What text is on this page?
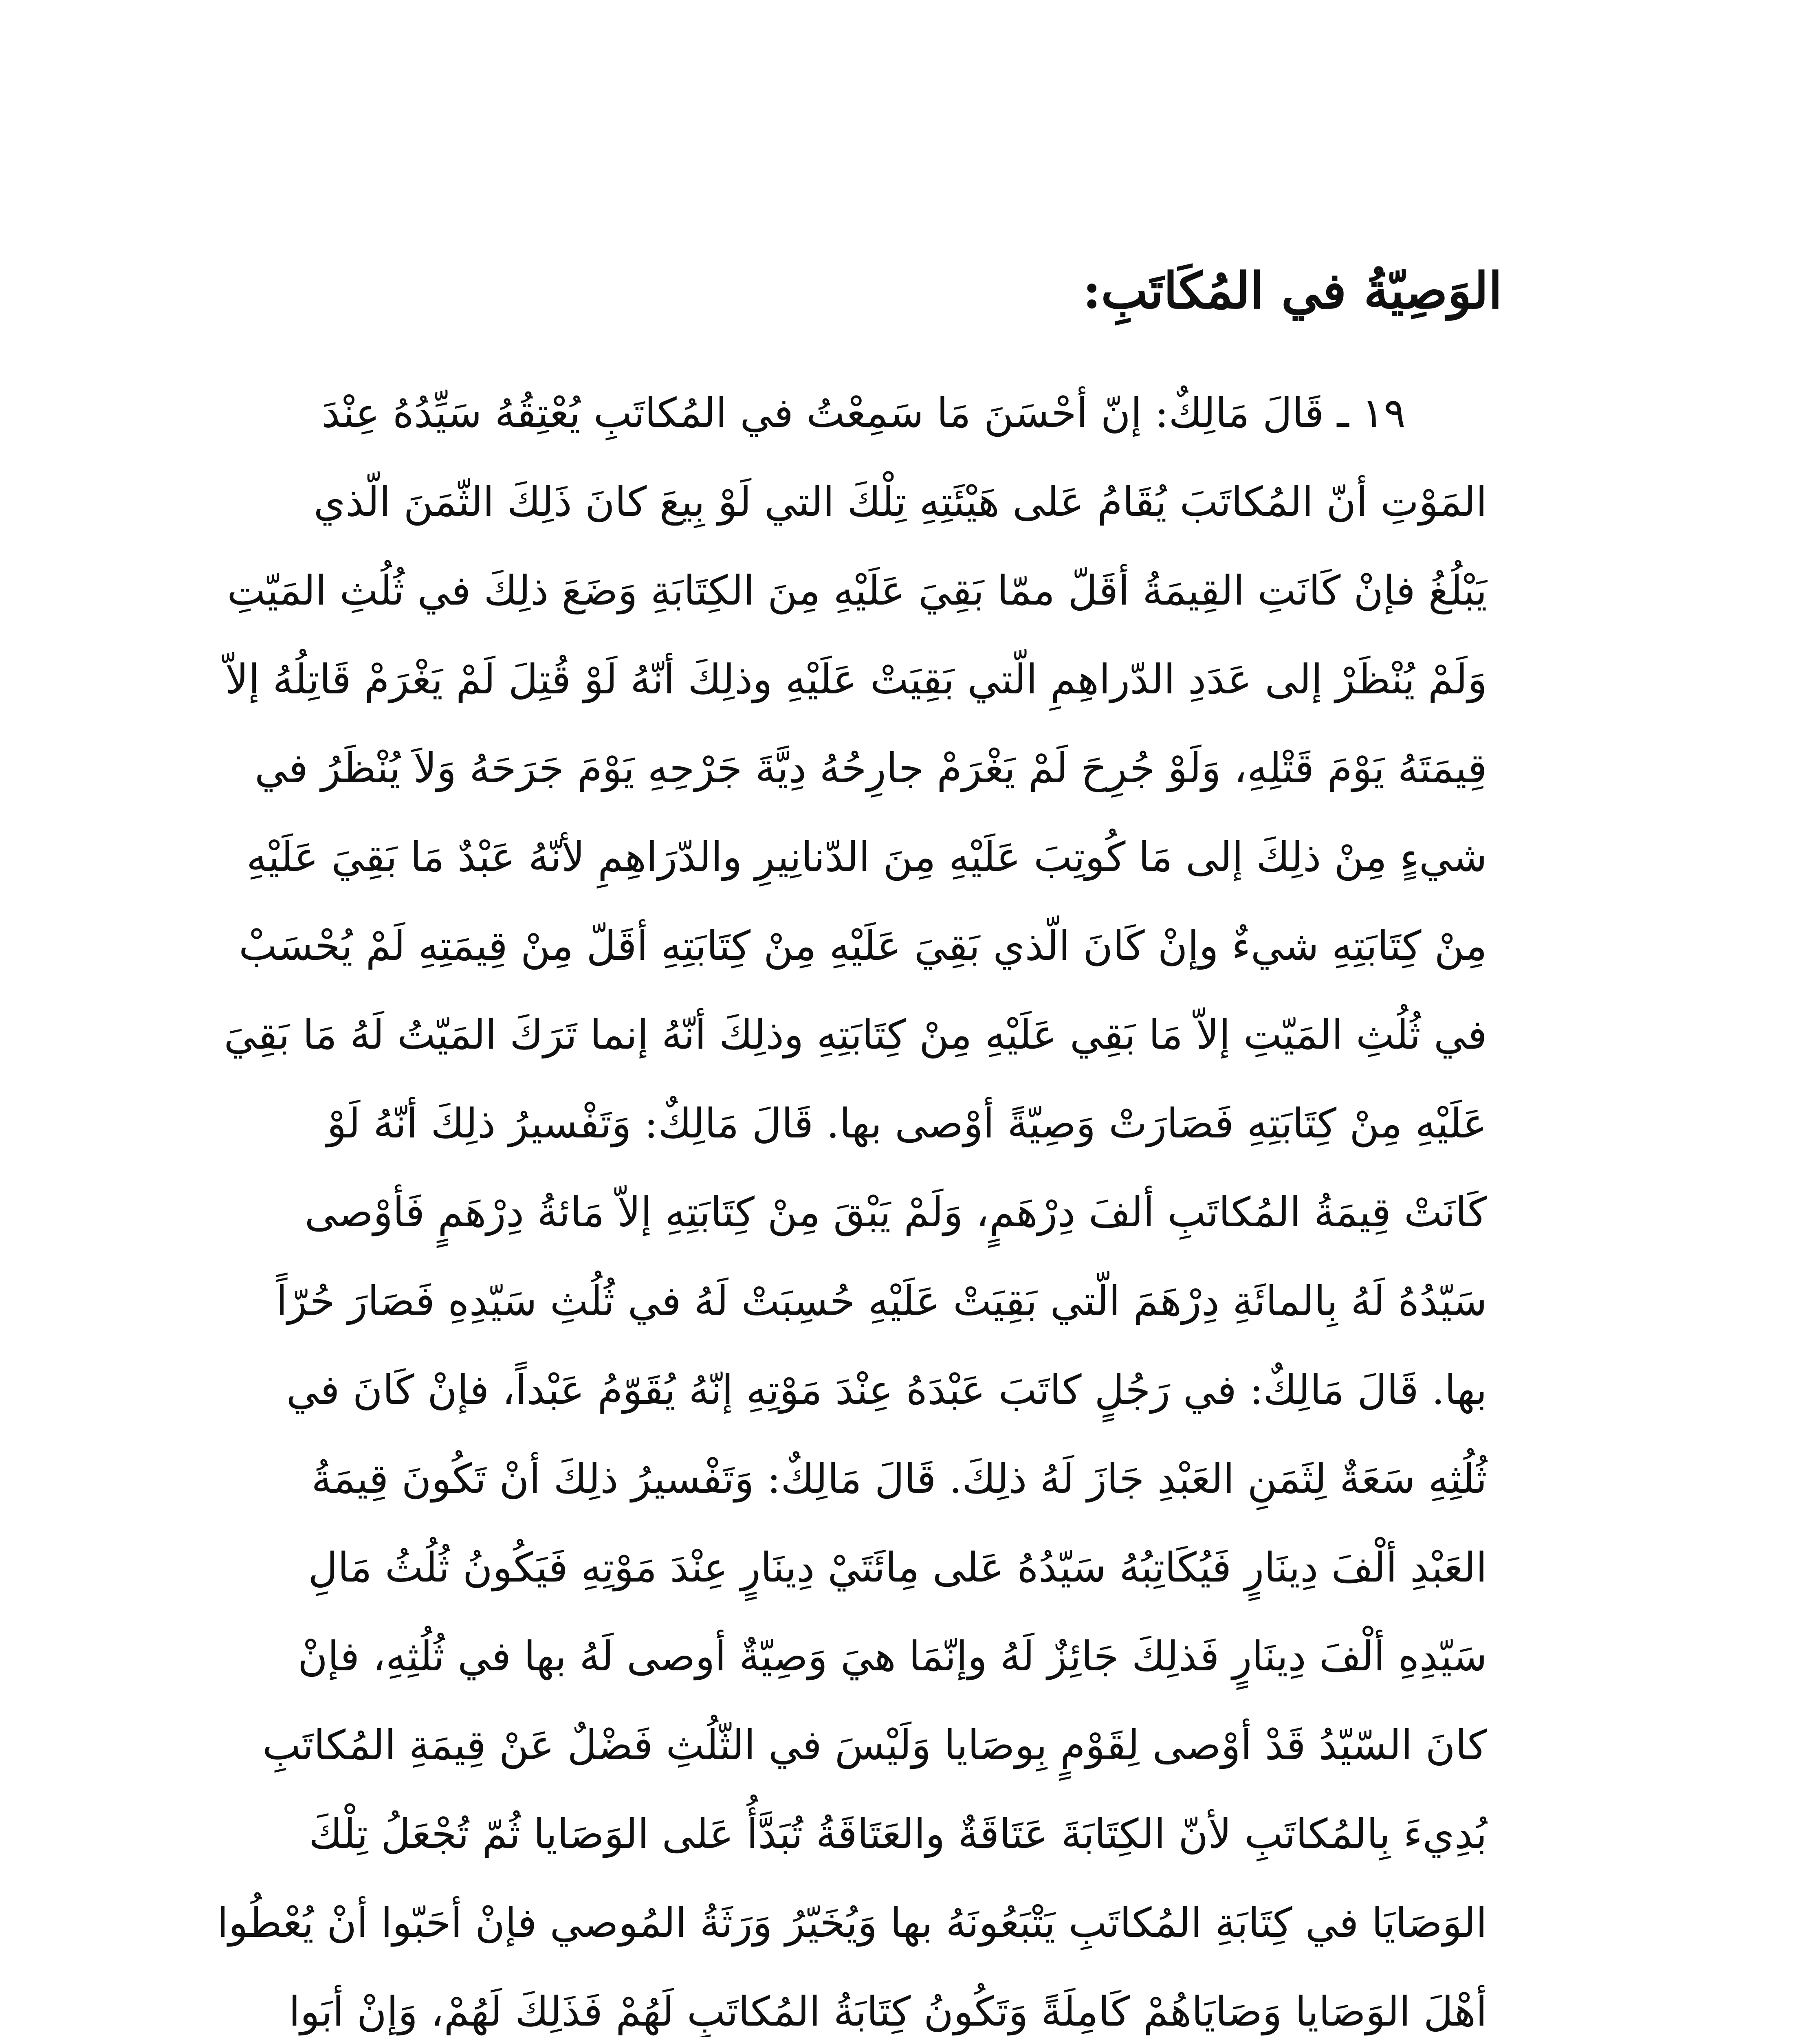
الوَصِيّةُ في المُكَاتَبِ:
١٩ ـ قَالَ مَالِكٌ: إنّ أحْسَنَ مَا سَمِعْتُ في المُكاتَبِ يُعْتِقُهُ سَيِّدُهُ عِنْدَ
المَوْتِ أنّ المُكاتَبَ يُقَامُ عَلى هَيْئَتِهِ تِلْكَ التي لَوْ بِيعَ كانَ ذَلِكَ الثّمَنَ الّذي
يَبْلُغُ فإنْ كَانَتِ القِيمَةُ أقَلّ ممّا بَقِيَ عَلَيْهِ مِنَ الكِتَابَةِ وَضَعَ ذلِكَ في ثُلُثِ المَيّتِ
وَلَمْ يُنْظَرْ إلى عَدَدِ الدّراهِمِ الّتي بَقِيَتْ عَلَيْهِ وذلِكَ أنّهُ لَوْ قُتِلَ لَمْ يَغْرَمْ قَاتِلُهُ إلاّ
قِيمَتَهُ يَوْمَ قَتْلِهِ، وَلَوْ جُرِحَ لَمْ يَغْرَمْ جارِحُهُ دِيَّةَ جَرْحِهِ يَوْمَ جَرَحَهُ وَلاَ يُنْظَرُ في
شيءٍ مِنْ ذلِكَ إلى مَا كُوتِبَ عَلَيْهِ مِنَ الدّنانِيرِ والدّرَاهِمِ لأنّهُ عَبْدٌ مَا بَقِيَ عَلَيْهِ
مِنْ كِتَابَتِهِ شيءٌ وإنْ كَانَ الّذي بَقِيَ عَلَيْهِ مِنْ كِتَابَتِهِ أقَلّ مِنْ قِيمَتِهِ لَمْ يُحْسَبْ
في ثُلُثِ المَيّتِ إلاّ مَا بَقِي عَلَيْهِ مِنْ كِتَابَتِهِ وذلِكَ أنّهُ إنما تَرَكَ المَيّتُ لَهُ مَا بَقِيَ
عَلَيْهِ مِنْ كِتَابَتِهِ فَصَارَتْ وَصِيّةً أوْصى بها. قَالَ مَالِكٌ: وَتَفْسيرُ ذلِكَ أنّهُ لَوْ
كَانَتْ قِيمَةُ المُكاتَبِ ألفَ دِرْهَمٍ، وَلَمْ يَبْقَ مِنْ كِتَابَتِهِ إلاّ مَائةُ دِرْهَمٍ فَأوْصى
سَيّدُهُ لَهُ بِالمائَةِ دِرْهَمَ الّتي بَقِيَتْ عَلَيْهِ حُسِبَتْ لَهُ في ثُلُثِ سَيّدِهِ فَصَارَ حُرّاً
بها. قَالَ مَالِكٌ: في رَجُلٍ كاتَبَ عَبْدَهُ عِنْدَ مَوْتِهِ إنّهُ يُقَوّمُ عَبْداً، فإنْ كَانَ في
ثُلُثِهِ سَعَةٌ لِثَمَنِ العَبْدِ جَازَ لَهُ ذلِكَ. قَالَ مَالِكٌ: وَتَفْسيرُ ذلِكَ أنْ تَكُونَ قِيمَةُ
العَبْدِ ألْفَ دِينَارٍ فَيُكَاتِبُهُ سَيّدُهُ عَلى مِائَتَيْ دِينَارٍ عِنْدَ مَوْتِهِ فَيَكُونُ ثُلُثُ مَالِ
سَيّدِهِ ألْفَ دِينَارٍ فَذلِكَ جَائِزٌ لَهُ وإنّمَا هيَ وَصِيّةٌ أوصى لَهُ بها في ثُلُثِهِ، فإنْ
كانَ السّيّدُ قَدْ أوْصى لِقَوْمٍ بِوصَايا وَلَيْسَ في الثّلُثِ فَضْلٌ عَنْ قِيمَةِ المُكاتَبِ
بُدِيءَ بِالمُكاتَبِ لأنّ الكِتَابَةَ عَتَاقَةٌ والعَتَاقَةُ تُبَدَّأُ عَلى الوَصَايا ثُمّ تُجْعَلُ تِلْكَ
الوَصَايَا في كِتَابَةِ المُكاتَبِ يَتْبَعُونَهُ بها وَيُخَيّرُ وَرَثَةُ المُوصي فإنْ أحَبّوا أنْ يُعْطُوا
أهْلَ الوَصَايا وَصَايَاهُمْ كَامِلَةً وَتَكُونُ كِتَابَةُ المُكاتَبِ لَهُمْ فَذَلِكَ لَهُمْ، وَإنْ أبَوا
